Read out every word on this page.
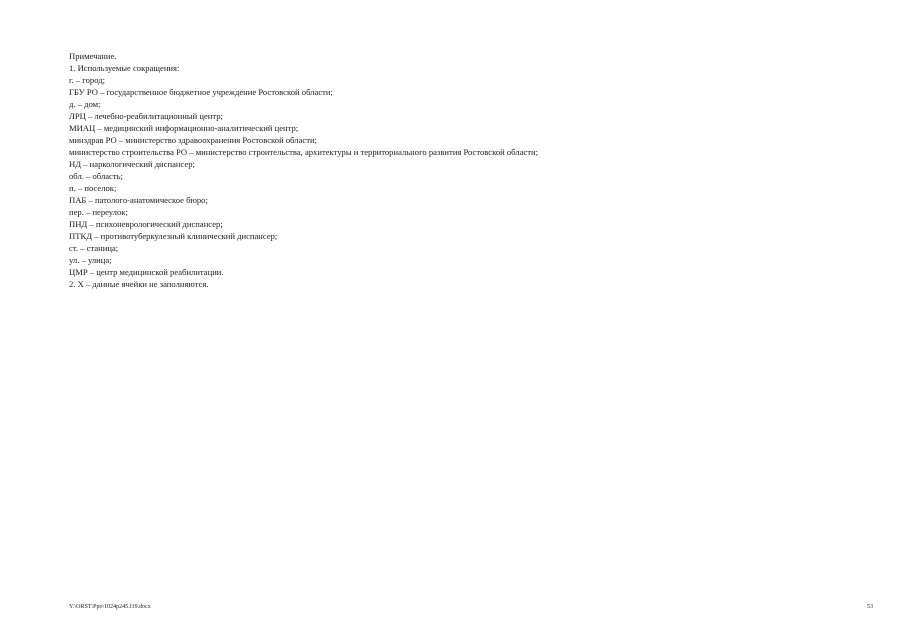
Примечание.
1. Используемые сокращения:
г. – город;
ГБУ РО – государственное бюджетное учреждение Ростовской области;
д. – дом;
ЛРЦ – лечебно-реабилитационный центр;
МИАЦ – медицинский информационно-аналитический центр;
минздрав РО – министерство здравоохранения Ростовской области;
министерство строительства РО – министерство строительства, архитектуры и территориального развития Ростовской области;
НД – наркологический диспансер;
обл. – область;
п. – поселок;
ПАБ – патолого-анатомическое бюро;
пер. – переулок;
ПНД – психоневрологический диспансер;
ПТКД – противотуберкулезный клинический диспансер;
ст. – станица;
ул. – улица;
ЦМР – центр медицинской реабилитации.
2. Х – данные ячейки не заполняются.
Y:\ORST\Ppo\1024p245.f19.docx	53
